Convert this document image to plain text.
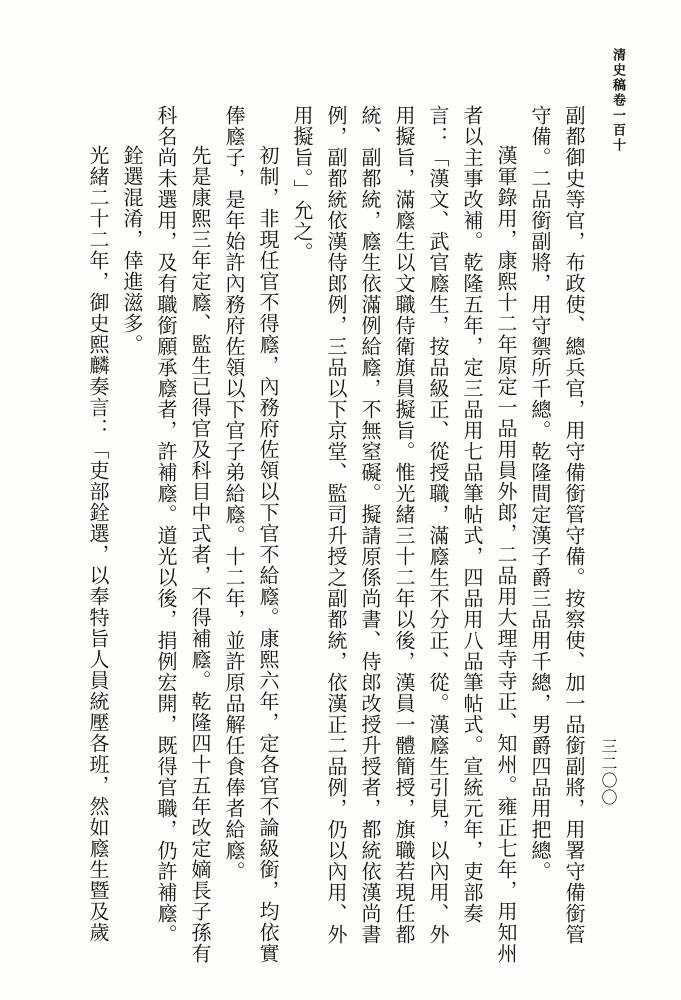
清史稿卷一百十
三二〇〇

副都御史等官，布政使、總兵官，用守備銜管守備。按察使、加一品銜副將，用署守備銜管守備。二品銜副將，用守禦所千總。乾隆間定漢子爵三品用千總，男爵四品用把總。

漢軍錄用，康熙十二年原定一品用員外郎，二品用大理寺寺正、知州。雍正七年，用知州者以主事改補。乾隆五年，定三品用七品筆帖式，四品用八品筆帖式。宣統元年，吏部奏言：「漢文、武官廕生，按品級正、從授職，滿廕生不分正、從。漢廕生引見，以內用、外用擬旨，滿廕生以文職侍衛旗員擬旨。惟光緒三十二年以後，漢員一體簡授，旗職若現任都統、副都統，廕生依滿例給廕，不無窒礙。擬請原係尚書、侍郎改授升授者，都統依漢尚書例，副都統依漢侍郎例，三品以下京堂、監司升授之副都統，依漢正二品例，仍以內用、外用擬旨。」允之。

初制，非現任官不得廕，內務府佐領以下官不給廕。康熙六年，定各官不論級銜，均依實俸廕子，是年始許內務府佐領以下官子弟給廕。十二年，並許原品解任食俸者給廕。

先是康熙三年定廕、監生已得官及科目中式者，不得補廕。乾隆四十五年改定嫡長子孫有科名尚未選用，及有職銜願承廕者，許補廕。道光以後，捐例宏開，既得官職，仍許補廕。

銓選混淆，倖進滋多。

光緒二十二年，御史熙麟奏言：「吏部銓選，以奉特旨人員統壓各班，然如廕生暨及歲
